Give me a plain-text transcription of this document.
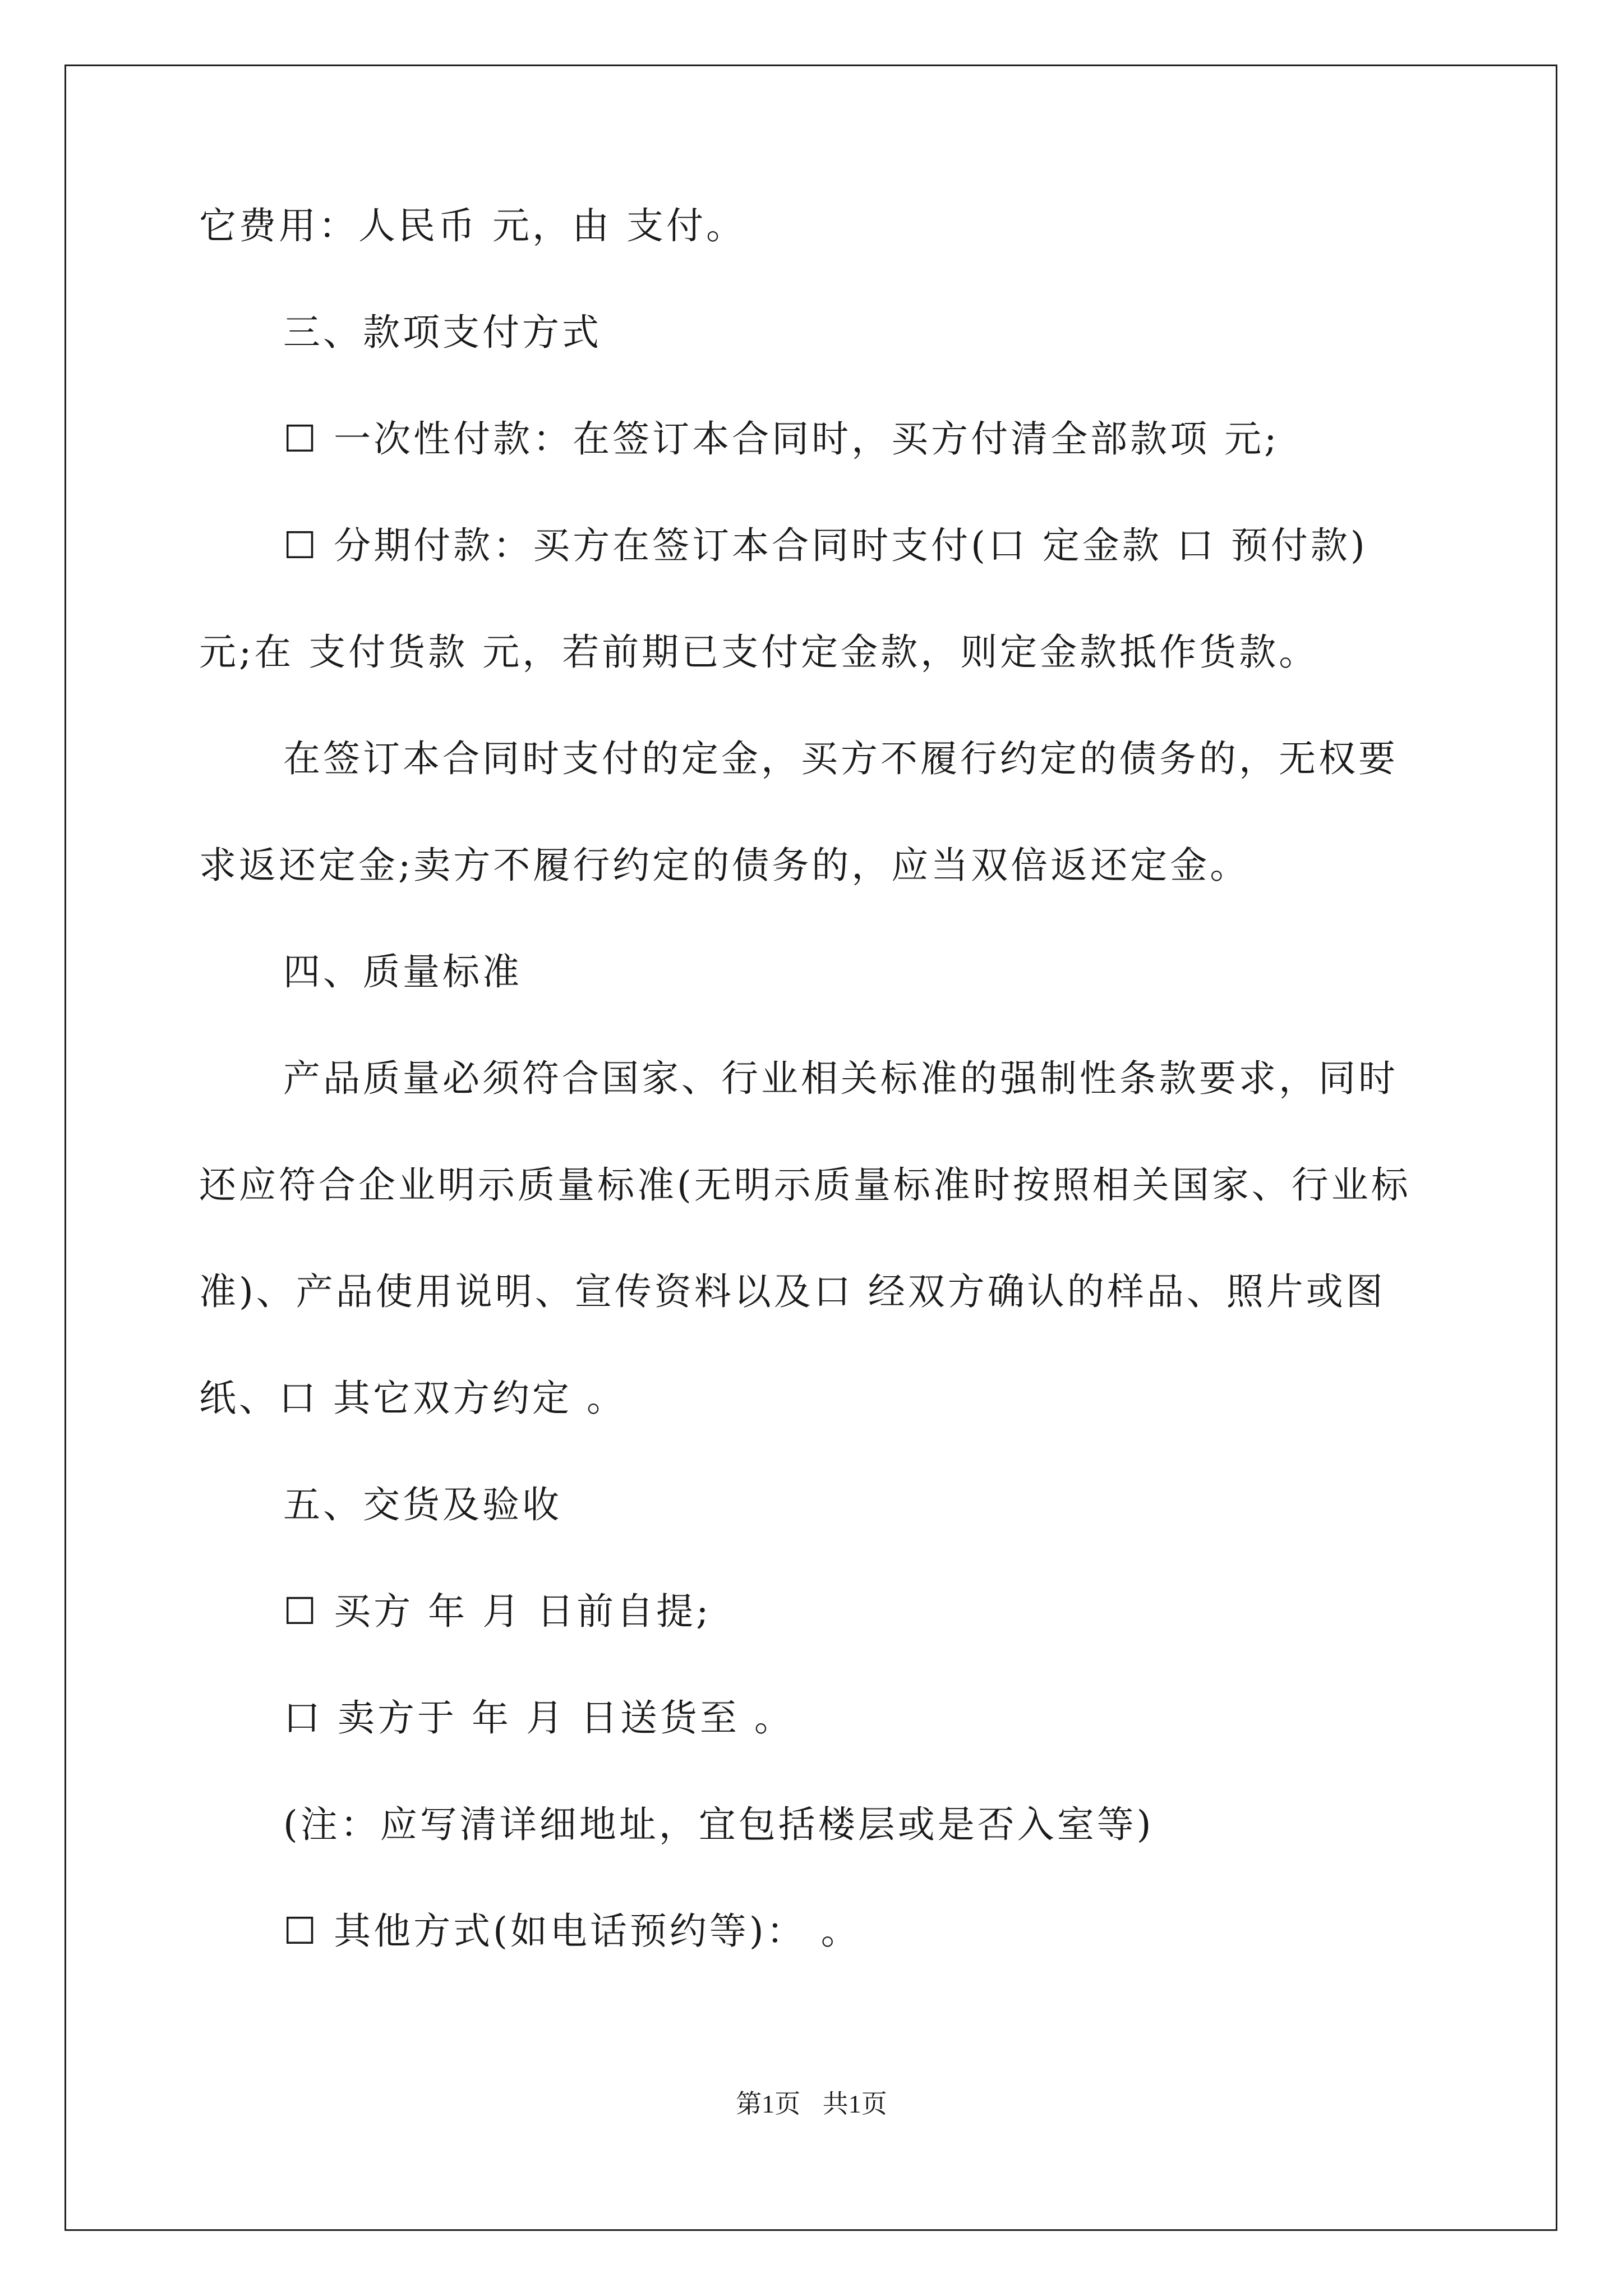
它费用：人民币 元，由 支付。
三、款项支付方式
☐ 一次性付款：在签订本合同时，买方付清全部款项 元;
☐ 分期付款：买方在签订本合同时支付(口 定金款 口 预付款)
元;在 支付货款 元，若前期已支付定金款，则定金款抵作货款。
在签订本合同时支付的定金，买方不履行约定的债务的，无权要
求返还定金;卖方不履行约定的债务的，应当双倍返还定金。
四、质量标准
产品质量必须符合国家、行业相关标准的强制性条款要求，同时
还应符合企业明示质量标准(无明示质量标准时按照相关国家、行业标
准)、产品使用说明、宣传资料以及口 经双方确认的样品、照片或图
纸、口 其它双方约定 。
五、交货及验收
☐ 买方 年 月 日前自提;
口 卖方于 年 月 日送货至 。
(注：应写清详细地址，宜包括楼层或是否入室等)
☐ 其他方式(如电话预约等)： 。
第1页 共1页
